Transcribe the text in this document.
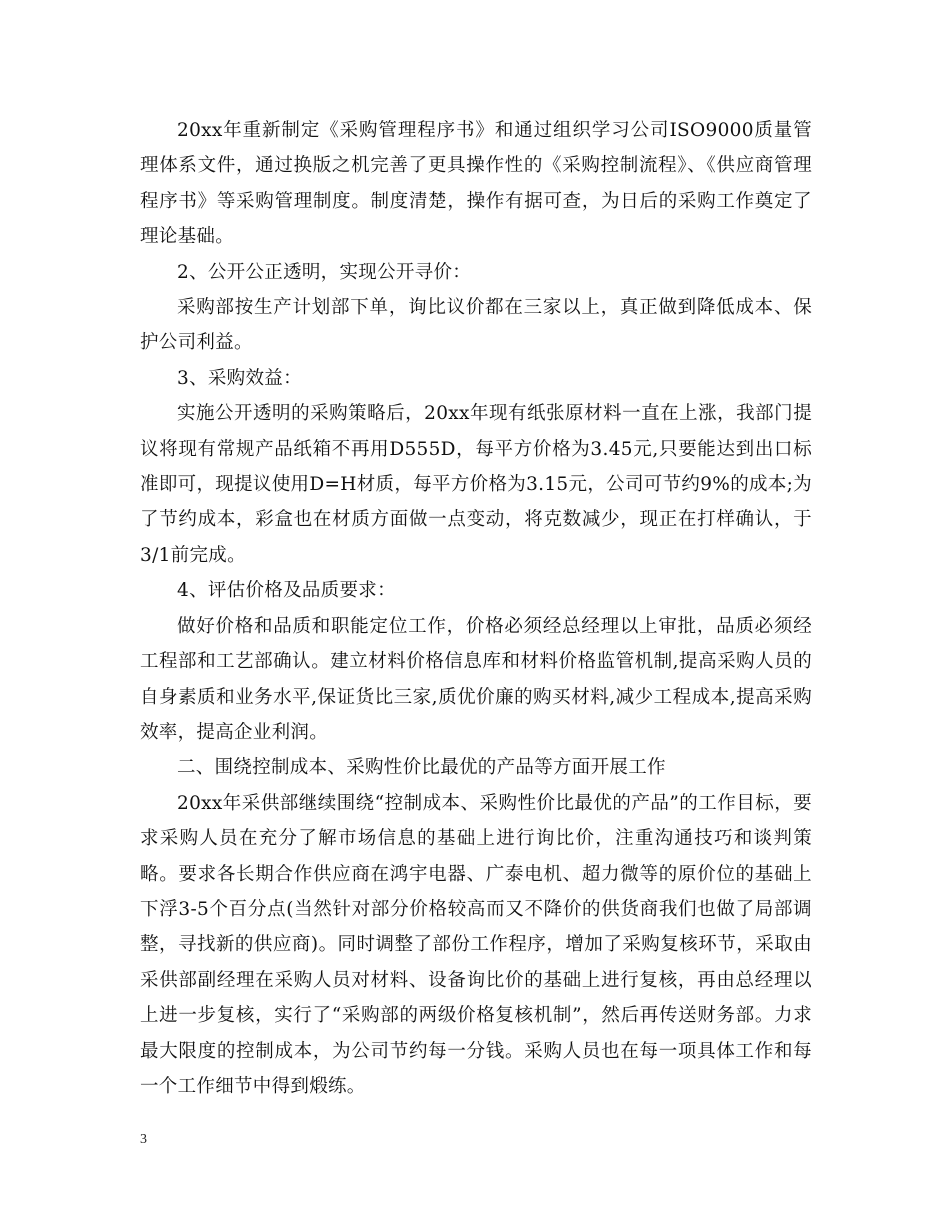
20xx年重新制定《采购管理程序书》和通过组织学习公司ISO9000质量管理体系文件，通过换版之机完善了更具操作性的《采购控制流程》、《供应商管理程序书》等采购管理制度。制度清楚，操作有据可查，为日后的采购工作奠定了理论基础。

2、公开公正透明，实现公开寻价：

采购部按生产计划部下单，询比议价都在三家以上，真正做到降低成本、保护公司利益。

3、采购效益：

实施公开透明的采购策略后，20xx年现有纸张原材料一直在上涨，我部门提议将现有常规产品纸箱不再用D555D，每平方价格为3.45元,只要能达到出口标准即可，现提议使用D=H材质，每平方价格为3.15元，公司可节约9%的成本;为了节约成本，彩盒也在材质方面做一点变动，将克数减少，现正在打样确认，于3/1前完成。

4、评估价格及品质要求：

做好价格和品质和职能定位工作，价格必须经总经理以上审批，品质必须经工程部和工艺部确认。建立材料价格信息库和材料价格监管机制,提高采购人员的自身素质和业务水平,保证货比三家,质优价廉的购买材料,减少工程成本,提高采购效率，提高企业利润。

二、围绕控制成本、采购性价比最优的产品等方面开展工作

20xx年采供部继续围绕“控制成本、采购性价比最优的产品”的工作目标，要求采购人员在充分了解市场信息的基础上进行询比价，注重沟通技巧和谈判策略。要求各长期合作供应商在鸿宇电器、广泰电机、超力微等的原价位的基础上下浮3-5个百分点(当然针对部分价格较高而又不降价的供货商我们也做了局部调整，寻找新的供应商)。同时调整了部份工作程序，增加了采购复核环节，采取由采供部副经理在采购人员对材料、设备询比价的基础上进行复核，再由总经理以上进一步复核，实行了“采购部的两级价格复核机制”，然后再传送财务部。力求最大限度的控制成本，为公司节约每一分钱。采购人员也在每一项具体工作和每一个工作细节中得到煅练。

3
